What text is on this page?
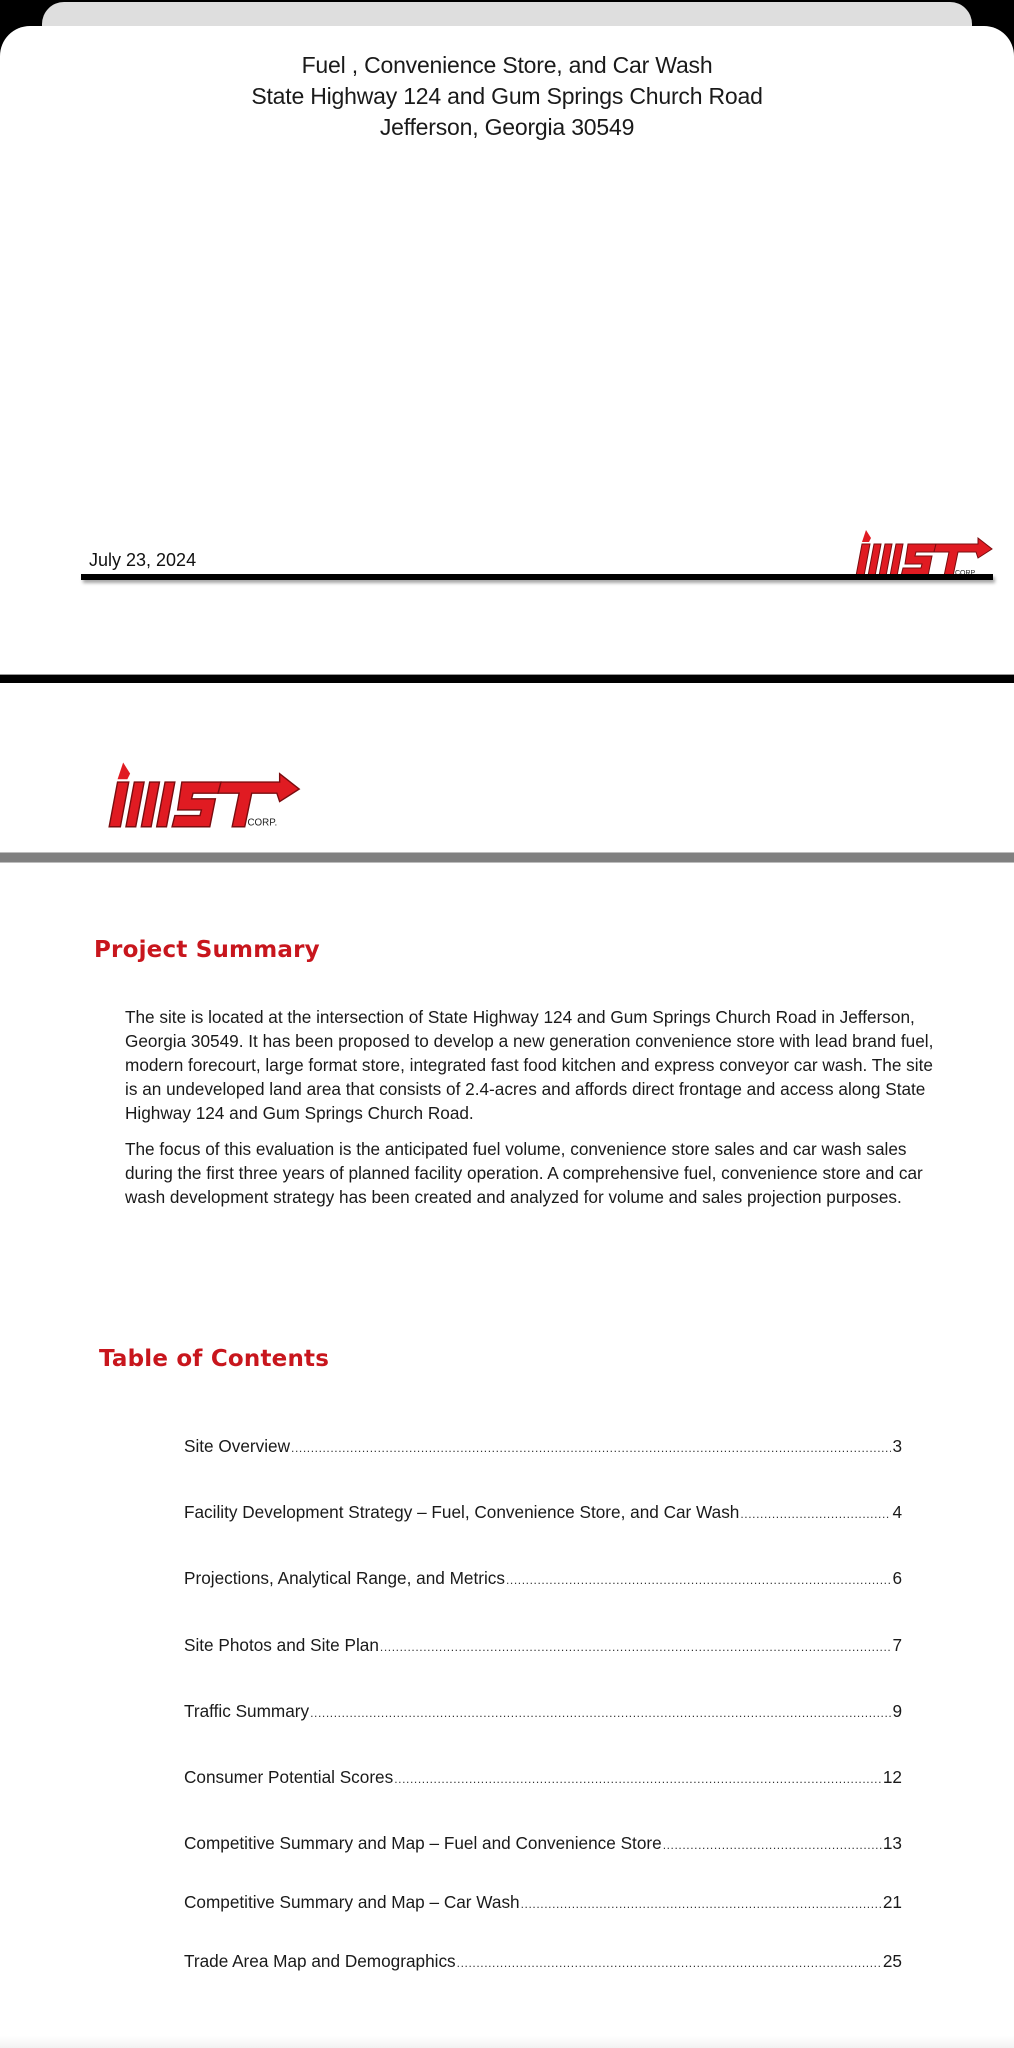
Fuel , Convenience Store, and Car Wash
State Highway 124 and Gum Springs Church Road
Jefferson, Georgia 30549
July 23, 2024
CORP.
Project Summary
The site is located at the intersection of State Highway 124 and Gum Springs Church Road in Jefferson, Georgia 30549. It has been proposed to develop a new generation convenience store with lead brand fuel, modern forecourt, large format store, integrated fast food kitchen and express conveyor car wash. The site is an undeveloped land area that consists of 2.4-acres and affords direct frontage and access along State Highway 124 and Gum Springs Church Road.
The focus of this evaluation is the anticipated fuel volume, convenience store sales and car wash sales during the first three years of planned facility operation. A comprehensive fuel, convenience store and car wash development strategy has been created and analyzed for volume and sales projection purposes.
Table of Contents
Site Overview .....	3
Facility Development Strategy – Fuel, Convenience Store, and Car Wash .....	4
Projections, Analytical Range, and Metrics .....	6
Site Photos and Site Plan .....	7
Traffic Summary .....	9
Consumer Potential Scores .....	12
Competitive Summary and Map – Fuel and Convenience Store .....	13
Competitive Summary and Map – Car Wash .....	21
Trade Area Map and Demographics .....	25
